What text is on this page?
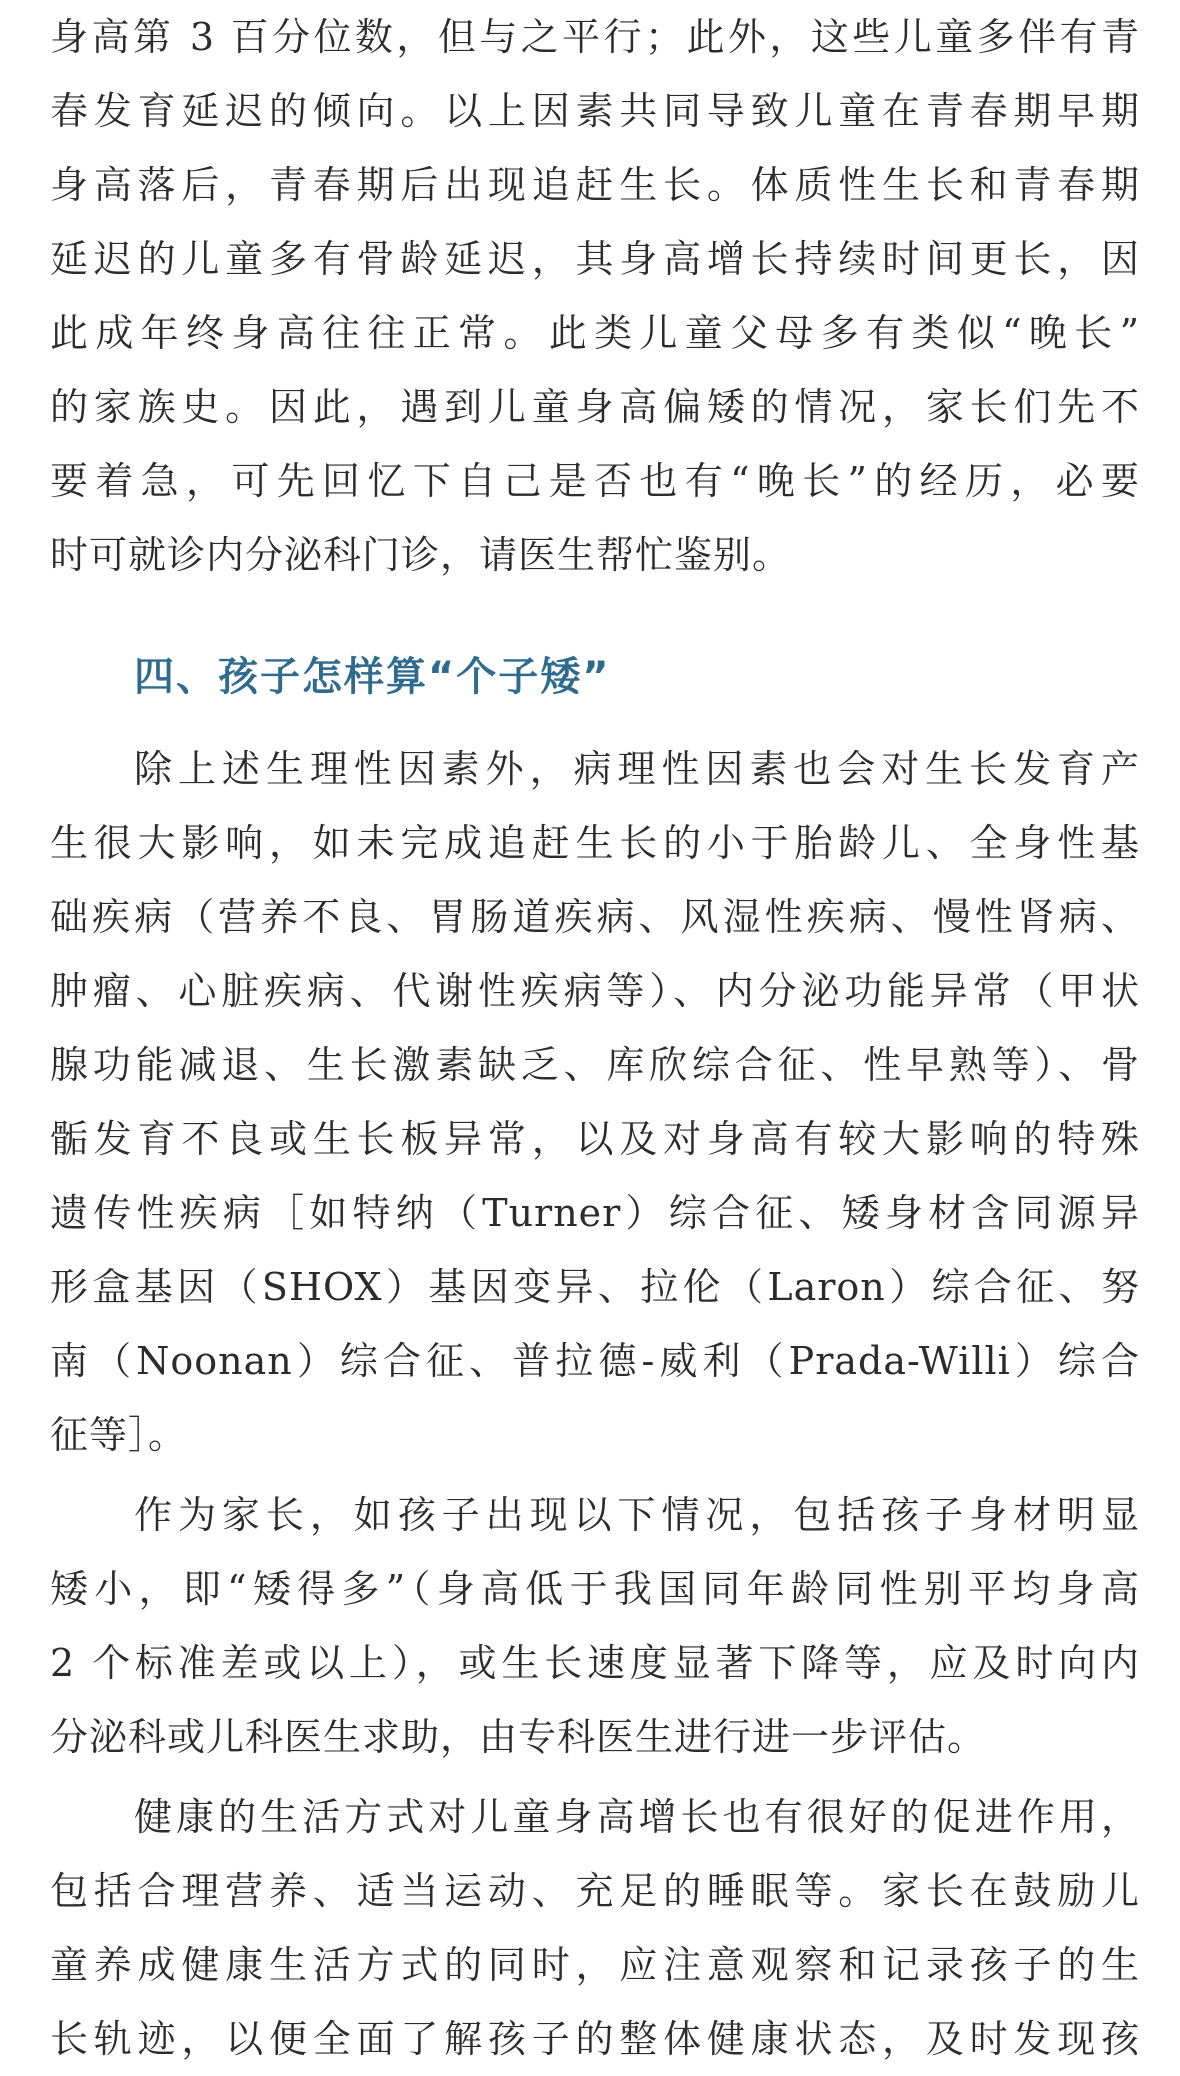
身高第 3 百分位数，但与之平行；此外，这些儿童多伴有青
春发育延迟的倾向。以上因素共同导致儿童在青春期早期
身高落后，青春期后出现追赶生长。体质性生长和青春期
延迟的儿童多有骨龄延迟，其身高增长持续时间更长，因
此成年终身高往往正常。此类儿童父母多有类似“晚长”
的家族史。因此，遇到儿童身高偏矮的情况，家长们先不
要着急，可先回忆下自己是否也有“晚长”的经历，必要
时可就诊内分泌科门诊，请医生帮忙鉴别。
四、孩子怎样算“个子矮”
除上述生理性因素外，病理性因素也会对生长发育产
生很大影响，如未完成追赶生长的小于胎龄儿、全身性基
础疾病（营养不良、胃肠道疾病、风湿性疾病、慢性肾病、
肿瘤、心脏疾病、代谢性疾病等）、内分泌功能异常（甲状
腺功能减退、生长激素缺乏、库欣综合征、性早熟等）、骨
骺发育不良或生长板异常，以及对身高有较大影响的特殊
遗传性疾病［如特纳（Turner）综合征、矮身材含同源异
形盒基因（SHOX）基因变异、拉伦（Laron）综合征、努
南（Noonan）综合征、普拉德-威利（Prada-Willi）综合
征等］。
作为家长，如孩子出现以下情况，包括孩子身材明显
矮小，即“矮得多”（身高低于我国同年龄同性别平均身高
2 个标准差或以上），或生长速度显著下降等，应及时向内
分泌科或儿科医生求助，由专科医生进行进一步评估。
健康的生活方式对儿童身高增长也有很好的促进作用，
包括合理营养、适当运动、充足的睡眠等。家长在鼓励儿
童养成健康生活方式的同时，应注意观察和记录孩子的生
长轨迹，以便全面了解孩子的整体健康状态，及时发现孩
